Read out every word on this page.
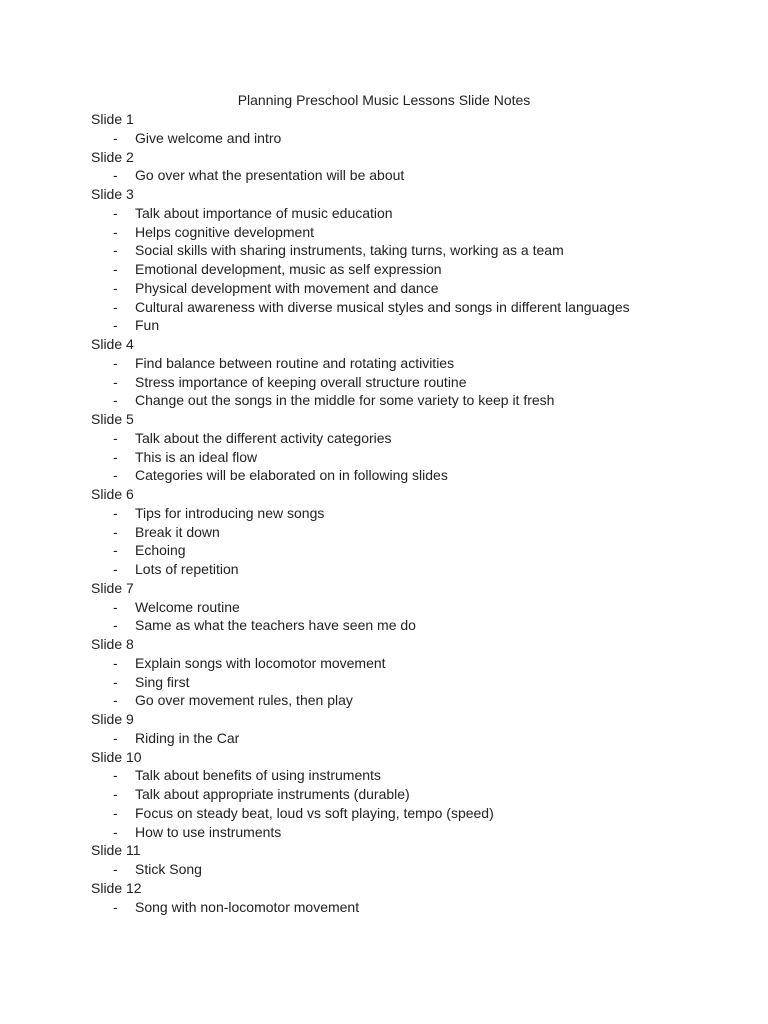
Planning Preschool Music Lessons Slide Notes
Slide 1
- Give welcome and intro
Slide 2
- Go over what the presentation will be about
Slide 3
- Talk about importance of music education
- Helps cognitive development
- Social skills with sharing instruments, taking turns, working as a team
- Emotional development, music as self expression
- Physical development with movement and dance
- Cultural awareness with diverse musical styles and songs in different languages
- Fun
Slide 4
- Find balance between routine and rotating activities
- Stress importance of keeping overall structure routine
- Change out the songs in the middle for some variety to keep it fresh
Slide 5
- Talk about the different activity categories
- This is an ideal flow
- Categories will be elaborated on in following slides
Slide 6
- Tips for introducing new songs
- Break it down
- Echoing
- Lots of repetition
Slide 7
- Welcome routine
- Same as what the teachers have seen me do
Slide 8
- Explain songs with locomotor movement
- Sing first
- Go over movement rules, then play
Slide 9
- Riding in the Car
Slide 10
- Talk about benefits of using instruments
- Talk about appropriate instruments (durable)
- Focus on steady beat, loud vs soft playing, tempo (speed)
- How to use instruments
Slide 11
- Stick Song
Slide 12
- Song with non-locomotor movement
